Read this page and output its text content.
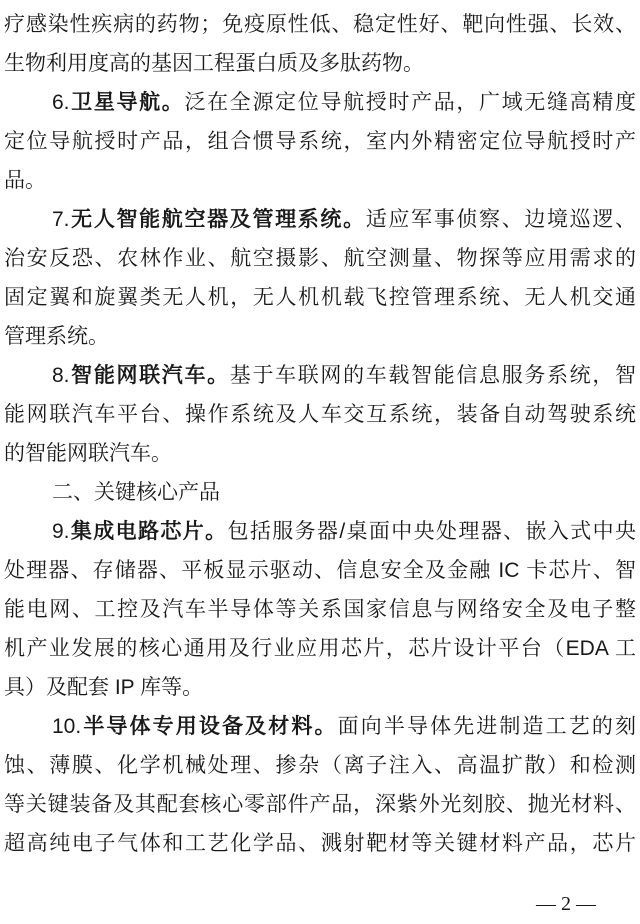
疗感染性疾病的药物；免疫原性低、稳定性好、靶向性强、长效、
生物利用度高的基因工程蛋白质及多肽药物。
6.卫星导航。泛在全源定位导航授时产品，广域无缝高精度
定位导航授时产品，组合惯导系统，室内外精密定位导航授时产
品。
7.无人智能航空器及管理系统。适应军事侦察、边境巡逻、
治安反恐、农林作业、航空摄影、航空测量、物探等应用需求的
固定翼和旋翼类无人机，无人机机载飞控管理系统、无人机交通
管理系统。
8.智能网联汽车。基于车联网的车载智能信息服务系统，智
能网联汽车平台、操作系统及人车交互系统，装备自动驾驶系统
的智能网联汽车。
二、关键核心产品
9.集成电路芯片。包括服务器/桌面中央处理器、嵌入式中央
处理器、存储器、平板显示驱动、信息安全及金融 IC 卡芯片、智
能电网、工控及汽车半导体等关系国家信息与网络安全及电子整
机产业发展的核心通用及行业应用芯片，芯片设计平台（EDA 工
具）及配套 IP 库等。
10.半导体专用设备及材料。面向半导体先进制造工艺的刻
蚀、薄膜、化学机械处理、掺杂（离子注入、高温扩散）和检测
等关键装备及其配套核心零部件产品，深紫外光刻胶、抛光材料、
超高纯电子气体和工艺化学品、溅射靶材等关键材料产品，芯片
— 2 —
